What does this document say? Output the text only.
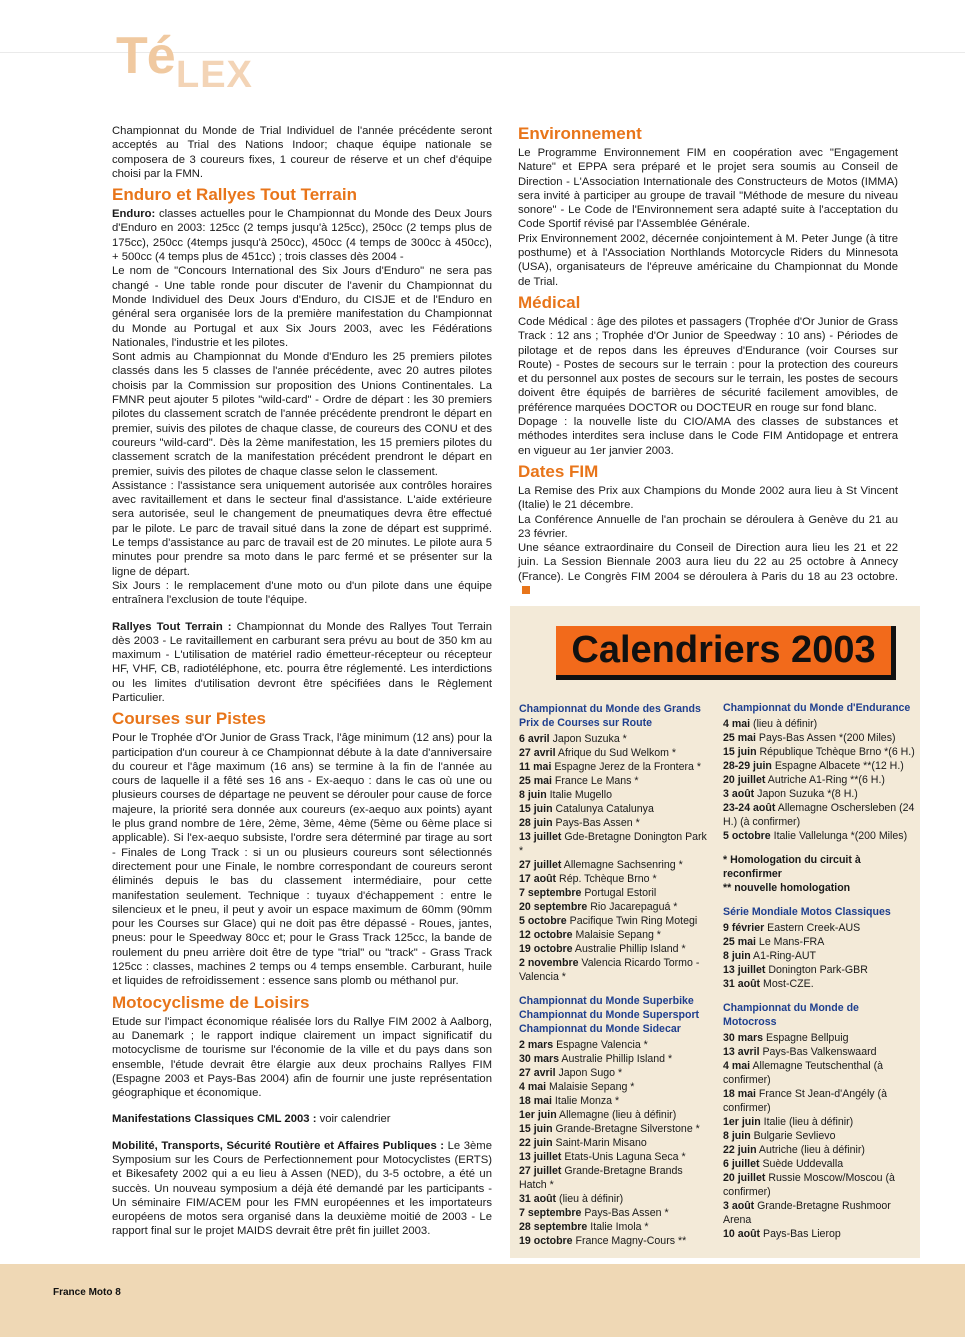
Té LEX

Championnat du Monde de Trial Individuel de l'année précédente seront acceptés au Trial des Nations Indoor; chaque équipe nationale se composera de 3 coureurs fixes, 1 coureur de réserve et un chef d'équipe choisi par la FMN.

Enduro et Rallyes Tout Terrain

Enduro: classes actuelles pour le Championnat du Monde des Deux Jours d'Enduro en 2003: 125cc (2 temps jusqu'à 125cc), 250cc (2 temps plus de 175cc), 250cc (4temps jusqu'à 250cc), 450cc (4 temps de 300cc à 450cc), + 500cc (4 temps plus de 451cc) ; trois classes dès 2004 -

Le nom de "Concours International des Six Jours d'Enduro" ne sera pas changé - Une table ronde pour discuter de l'avenir du Championnat du Monde Individuel des Deux Jours d'Enduro, du CISJE et de l'Enduro en général sera organisée lors de la première manifestation du Championnat du Monde au Portugal et aux Six Jours 2003, avec les Fédérations Nationales, l'industrie et les pilotes.

Sont admis au Championnat du Monde d'Enduro les 25 premiers pilotes classés dans les 5 classes de l'année précédente, avec 20 autres pilotes choisis par la Commission sur proposition des Unions Continentales. La FMNR peut ajouter 5 pilotes "wild-card" - Ordre de départ : les 30 premiers pilotes du classement scratch de l'année précédente prendront le départ en premier, suivis des pilotes de chaque classe, de coureurs des CONU et des coureurs "wild-card". Dès la 2ème manifestation, les 15 premiers pilotes du classement scratch de la manifestation précédent prendront le départ en premier, suivis des pilotes de chaque classe selon le classement.

Assistance : l'assistance sera uniquement autorisée aux contrôles horaires avec ravitaillement et dans le secteur final d'assistance. L'aide extérieure sera autorisée, seul le changement de pneumatiques devra être effectué par le pilote. Le parc de travail situé dans la zone de départ est supprimé. Le temps d'assistance au parc de travail est de 20 minutes. Le pilote aura 5 minutes pour prendre sa moto dans le parc fermé et se présenter sur la ligne de départ.

Six Jours : le remplacement d'une moto ou d'un pilote dans une équipe entraînera l'exclusion de toute l'équipe.

Rallyes Tout Terrain : Championnat du Monde des Rallyes Tout Terrain dès 2003 - Le ravitaillement en carburant sera prévu au bout de 350 km au maximum - L'utilisation de matériel radio émetteur-récepteur ou récepteur HF, VHF, CB, radiotéléphone, etc. pourra être réglementé. Les interdictions ou les limites d'utilisation devront être spécifiées dans le Règlement Particulier.

Courses sur Pistes

Pour le Trophée d'Or Junior de Grass Track, l'âge minimum (12 ans) pour la participation d'un coureur à ce Championnat débute à la date d'anniversaire du coureur et l'âge maximum (16 ans) se termine à la fin de l'année au cours de laquelle il a fêté ses 16 ans - Ex-aequo : dans le cas où une ou plusieurs courses de départage ne peuvent se dérouler pour cause de force majeure, la priorité sera donnée aux coureurs (ex-aequo aux points) ayant le plus grand nombre de 1ère, 2ème, 3ème, 4ème (5ème ou 6ème place si applicable). Si l'ex-aequo subsiste, l'ordre sera déterminé par tirage au sort - Finales de Long Track : si un ou plusieurs coureurs sont sélectionnés directement pour une Finale, le nombre correspondant de coureurs seront éliminés depuis le bas du classement intermédiaire, pour cette manifestation seulement. Technique : tuyaux d'échappement : entre le silencieux et le pneu, il peut y avoir un espace maximum de 60mm (90mm pour les Courses sur Glace) qui ne doit pas être dépassé - Roues, jantes, pneus: pour le Speedway 80cc et; pour le Grass Track 125cc, la bande de roulement du pneu arrière doit être de type "trial" ou "track" - Grass Track 125cc : classes, machines 2 temps ou 4 temps ensemble. Carburant, huile et liquides de refroidissement : essence sans plomb ou méthanol pur.

Motocyclisme de Loisirs

Etude sur l'impact économique réalisée lors du Rallye FIM 2002 à Aalborg, au Danemark ; le rapport indique clairement un impact significatif du motocyclisme de tourisme sur l'économie de la ville et du pays dans son ensemble, l'étude devrait être élargie aux deux prochains Rallyes FIM (Espagne 2003 et Pays-Bas 2004) afin de fournir une juste représentation géographique et économique.

Manifestations Classiques CML 2003 : voir calendrier

Mobilité, Transports, Sécurité Routière et Affaires Publiques : Le 3ème Symposium sur les Cours de Perfectionnement pour Motocyclistes (ERTS) et Bikesafety 2002 qui a eu lieu à Assen (NED), du 3-5 octobre, a été un succès. Un nouveau symposium a déjà été demandé par les participants - Un séminaire FIM/ACEM pour les FMN européennes et les importateurs européens de motos sera organisé dans la deuxième moitié de 2003 - Le rapport final sur le projet MAIDS devrait être prêt fin juillet 2003.

Environnement

Le Programme Environnement FIM en coopération avec "Engagement Nature" et EPPA sera préparé et le projet sera soumis au Conseil de Direction - L'Association Internationale des Constructeurs de Motos (IMMA) sera invité à participer au groupe de travail "Méthode de mesure du niveau sonore" - Le Code de l'Environnement sera adapté suite à l'acceptation du Code Sportif révisé par l'Assemblée Générale.

Prix Environnement 2002, décernée conjointement à M. Peter Junge (à titre posthume) et à l'Association Northlands Motorcycle Riders du Minnesota (USA), organisateurs de l'épreuve américaine du Championnat du Monde de Trial.

Médical

Code Médical : âge des pilotes et passagers (Trophée d'Or Junior de Grass Track : 12 ans ; Trophée d'Or Junior de Speedway : 10 ans) - Périodes de pilotage et de repos dans les épreuves d'Endurance (voir Courses sur Route) - Postes de secours sur le terrain : pour la protection des coureurs et du personnel aux postes de secours sur le terrain, les postes de secours doivent être équipés de barrières de sécurité facilement amovibles, de préférence marquées DOCTOR ou DOCTEUR en rouge sur fond blanc.

Dopage : la nouvelle liste du CIO/AMA des classes de substances et méthodes interdites sera incluse dans le Code FIM Antidopage et entrera en vigueur au 1er janvier 2003.

Dates FIM

La Remise des Prix aux Champions du Monde 2002 aura lieu à St Vincent (Italie) le 21 décembre.

La Conférence Annuelle de l'an prochain se déroulera à Genève du 21 au 23 février.

Une séance extraordinaire du Conseil de Direction aura lieu les 21 et 22 juin. La Session Biennale 2003 aura lieu du 22 au 25 octobre à Annecy (France). Le Congrès FIM 2004 se déroulera à Paris du 18 au 23 octobre.

Calendriers 2003
Championnat du Monde des Grands Prix de Courses sur Route
6 avril Japon Suzuka *
27 avril Afrique du Sud Welkom *
11 mai Espagne Jerez de la Frontera *
25 mai France Le Mans *
8 juin Italie Mugello
15 juin Catalunya Catalunya
28 juin Pays-Bas Assen *
13 juillet Gde-Bretagne Donington Park *
27 juillet Allemagne Sachsenring *
17 août Rép. Tchèque Brno *
7 septembre Portugal Estoril
20 septembre Rio Jacarepaguá *
5 octobre Pacifique Twin Ring Motegi
12 octobre Malaisie Sepang *
19 octobre Australie Phillip Island *
2 novembre Valencia Ricardo Tormo - Valencia *
Championnat du Monde Superbike
Championnat du Monde Supersport
Championnat du Monde Sidecar
2 mars Espagne Valencia *
30 mars Australie Phillip Island *
27 avril Japon Sugo *
4 mai Malaisie Sepang *
18 mai Italie Monza *
1er juin Allemagne (lieu à définir)
15 juin Grande-Bretagne Silverstone *
22 juin Saint-Marin Misano
13 juillet Etats-Unis Laguna Seca *
27 juillet Grande-Bretagne Brands Hatch *
31 août (lieu à définir)
7 septembre Pays-Bas Assen *
28 septembre Italie Imola *
19 octobre France Magny-Cours **
Championnat du Monde d'Endurance
4 mai (lieu à définir)
25 mai Pays-Bas Assen *(200 Miles)
15 juin République Tchèque Brno *(6 H.)
28-29 juin Espagne Albacete **(12 H.)
20 juillet Autriche A1-Ring **(6 H.)
3 août Japon Suzuka *(8 H.)
23-24 août Allemagne Oschersleben (24 H.) (à confirmer)
5 octobre Italie Vallelunga *(200 Miles)
* Homologation du circuit à reconfirmer
** nouvelle homologation
Série Mondiale Motos Classiques
9 février Eastern Creek-AUS
25 mai Le Mans-FRA
8 juin A1-Ring-AUT
13 juillet Donington Park-GBR
31 août Most-CZE.
Championnat du Monde de Motocross
30 mars Espagne Bellpuig
13 avril Pays-Bas Valkenswaard
4 mai Allemagne Teutschenthal (à confirmer)
18 mai France St Jean-d'Angély (à confirmer)
1er juin Italie (lieu à définir)
8 juin Bulgarie Sevlievo
22 juin Autriche (lieu à définir)
6 juillet Suède Uddevalla
20 juillet Russie Moscow/Moscou (à confirmer)
3 août Grande-Bretagne Rushmoor Arena
10 août Pays-Bas Lierop
France Moto 8
